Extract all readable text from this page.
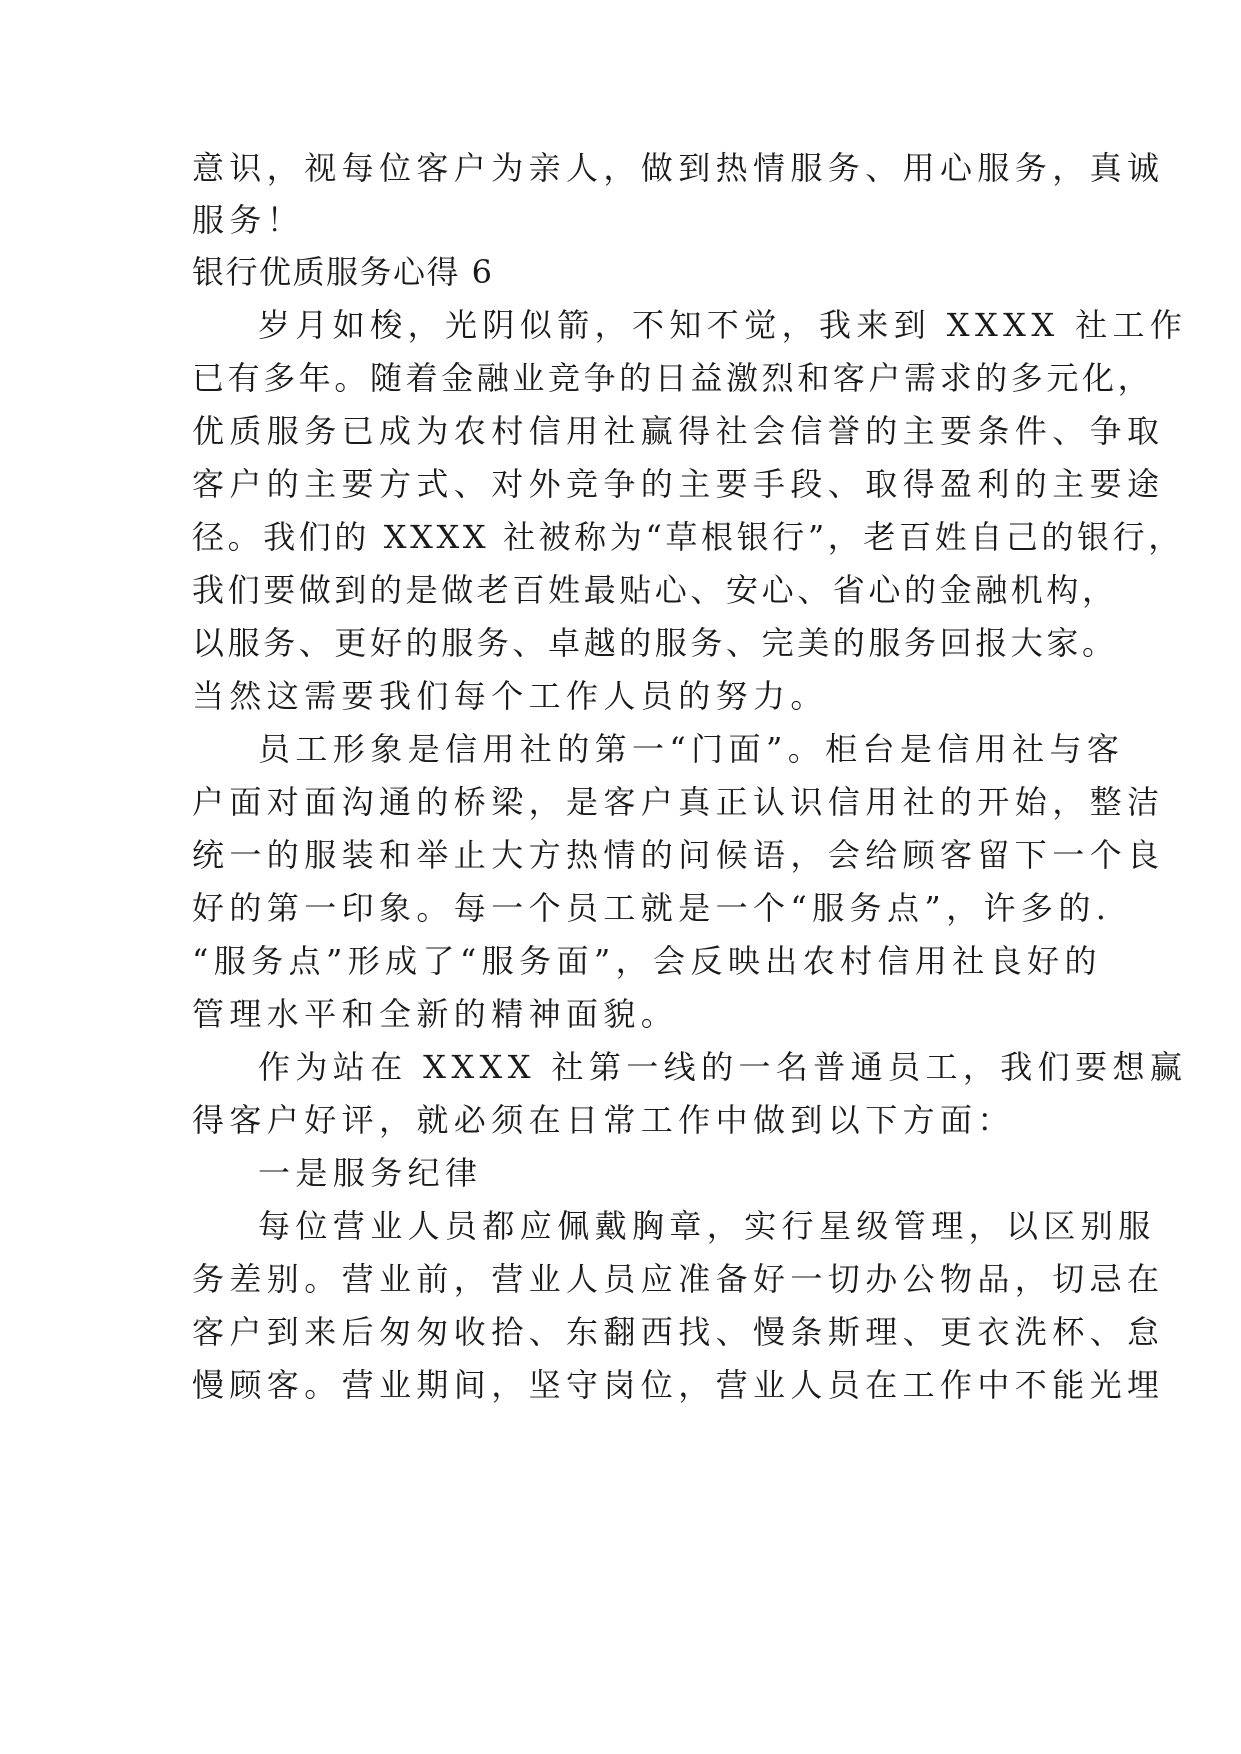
意识，视每位客户为亲人，做到热情服务、用心服务，真诚
服务！
银行优质服务心得 6
岁月如梭，光阴似箭，不知不觉，我来到 XXXX 社工作
已有多年。随着金融业竞争的日益激烈和客户需求的多元化，
优质服务已成为农村信用社赢得社会信誉的主要条件、争取
客户的主要方式、对外竞争的主要手段、取得盈利的主要途
径。我们的 XXXX 社被称为“草根银行”，老百姓自己的银行，
我们要做到的是做老百姓最贴心、安心、省心的金融机构，
以服务、更好的服务、卓越的服务、完美的服务回报大家。
当然这需要我们每个工作人员的努力。
员工形象是信用社的第一“门面”。柜台是信用社与客
户面对面沟通的桥梁，是客户真正认识信用社的开始，整洁
统一的服装和举止大方热情的问候语，会给顾客留下一个良
好的第一印象。每一个员工就是一个“服务点”，许多的.
“服务点”形成了“服务面”，会反映出农村信用社良好的
管理水平和全新的精神面貌。
作为站在 XXXX 社第一线的一名普通员工，我们要想赢
得客户好评，就必须在日常工作中做到以下方面：
一是服务纪律
每位营业人员都应佩戴胸章，实行星级管理，以区别服
务差别。营业前，营业人员应准备好一切办公物品，切忌在
客户到来后匆匆收拾、东翻西找、慢条斯理、更衣洗杯、怠
慢顾客。营业期间，坚守岗位，营业人员在工作中不能光埋
